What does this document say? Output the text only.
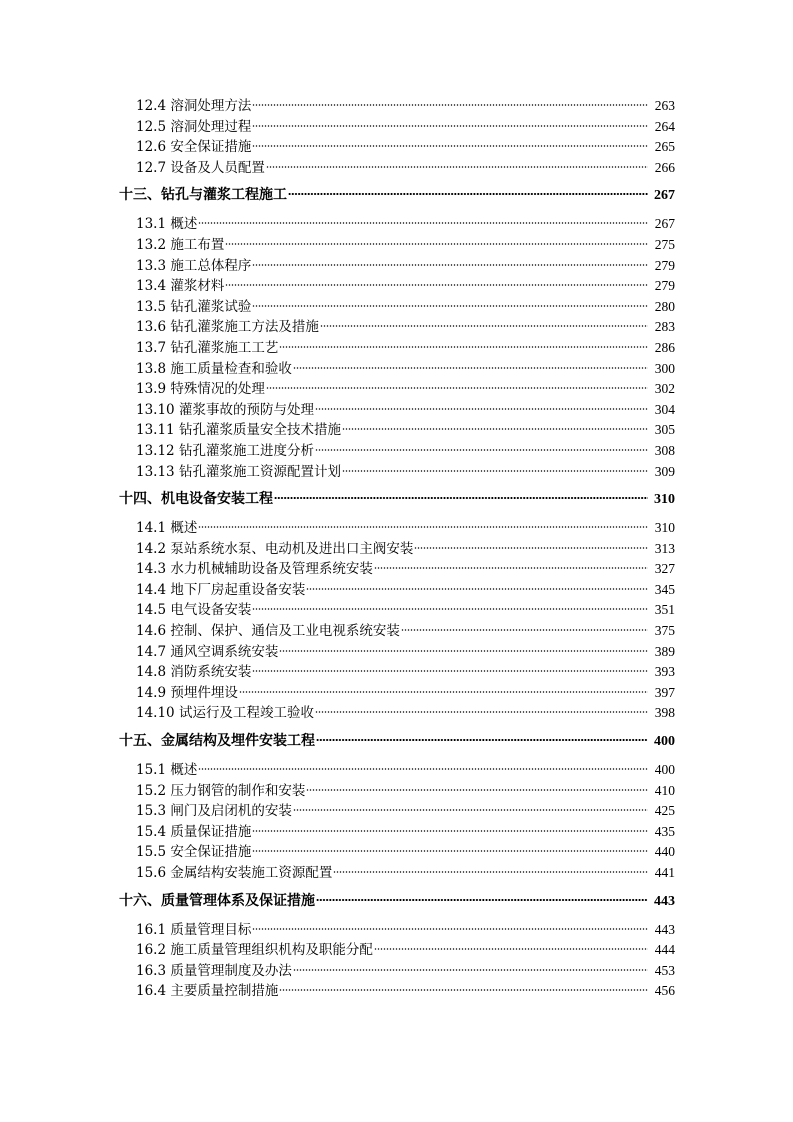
12.4 溶洞处理方法	263
12.5 溶洞处理过程	264
12.6 安全保证措施	265
12.7 设备及人员配置	266
十三、钻孔与灌浆工程施工	267
13.1 概述	267
13.2 施工布置	275
13.3 施工总体程序	279
13.4 灌浆材料	279
13.5 钻孔灌浆试验	280
13.6 钻孔灌浆施工方法及措施	283
13.7 钻孔灌浆施工工艺	286
13.8 施工质量检查和验收	300
13.9 特殊情况的处理	302
13.10 灌浆事故的预防与处理	304
13.11 钻孔灌浆质量安全技术措施	305
13.12 钻孔灌浆施工进度分析	308
13.13 钻孔灌浆施工资源配置计划	309
十四、机电设备安装工程	310
14.1 概述	310
14.2 泵站系统水泵、电动机及进出口主阀安装	313
14.3 水力机械辅助设备及管理系统安装	327
14.4 地下厂房起重设备安装	345
14.5 电气设备安装	351
14.6 控制、保护、通信及工业电视系统安装	375
14.7 通风空调系统安装	389
14.8 消防系统安装	393
14.9 预埋件埋设	397
14.10 试运行及工程竣工验收	398
十五、金属结构及埋件安装工程	400
15.1 概述	400
15.2 压力钢管的制作和安装	410
15.3 闸门及启闭机的安装	425
15.4 质量保证措施	435
15.5 安全保证措施	440
15.6 金属结构安装施工资源配置	441
十六、质量管理体系及保证措施	443
16.1 质量管理目标	443
16.2 施工质量管理组织机构及职能分配	444
16.3 质量管理制度及办法	453
16.4 主要质量控制措施	456
